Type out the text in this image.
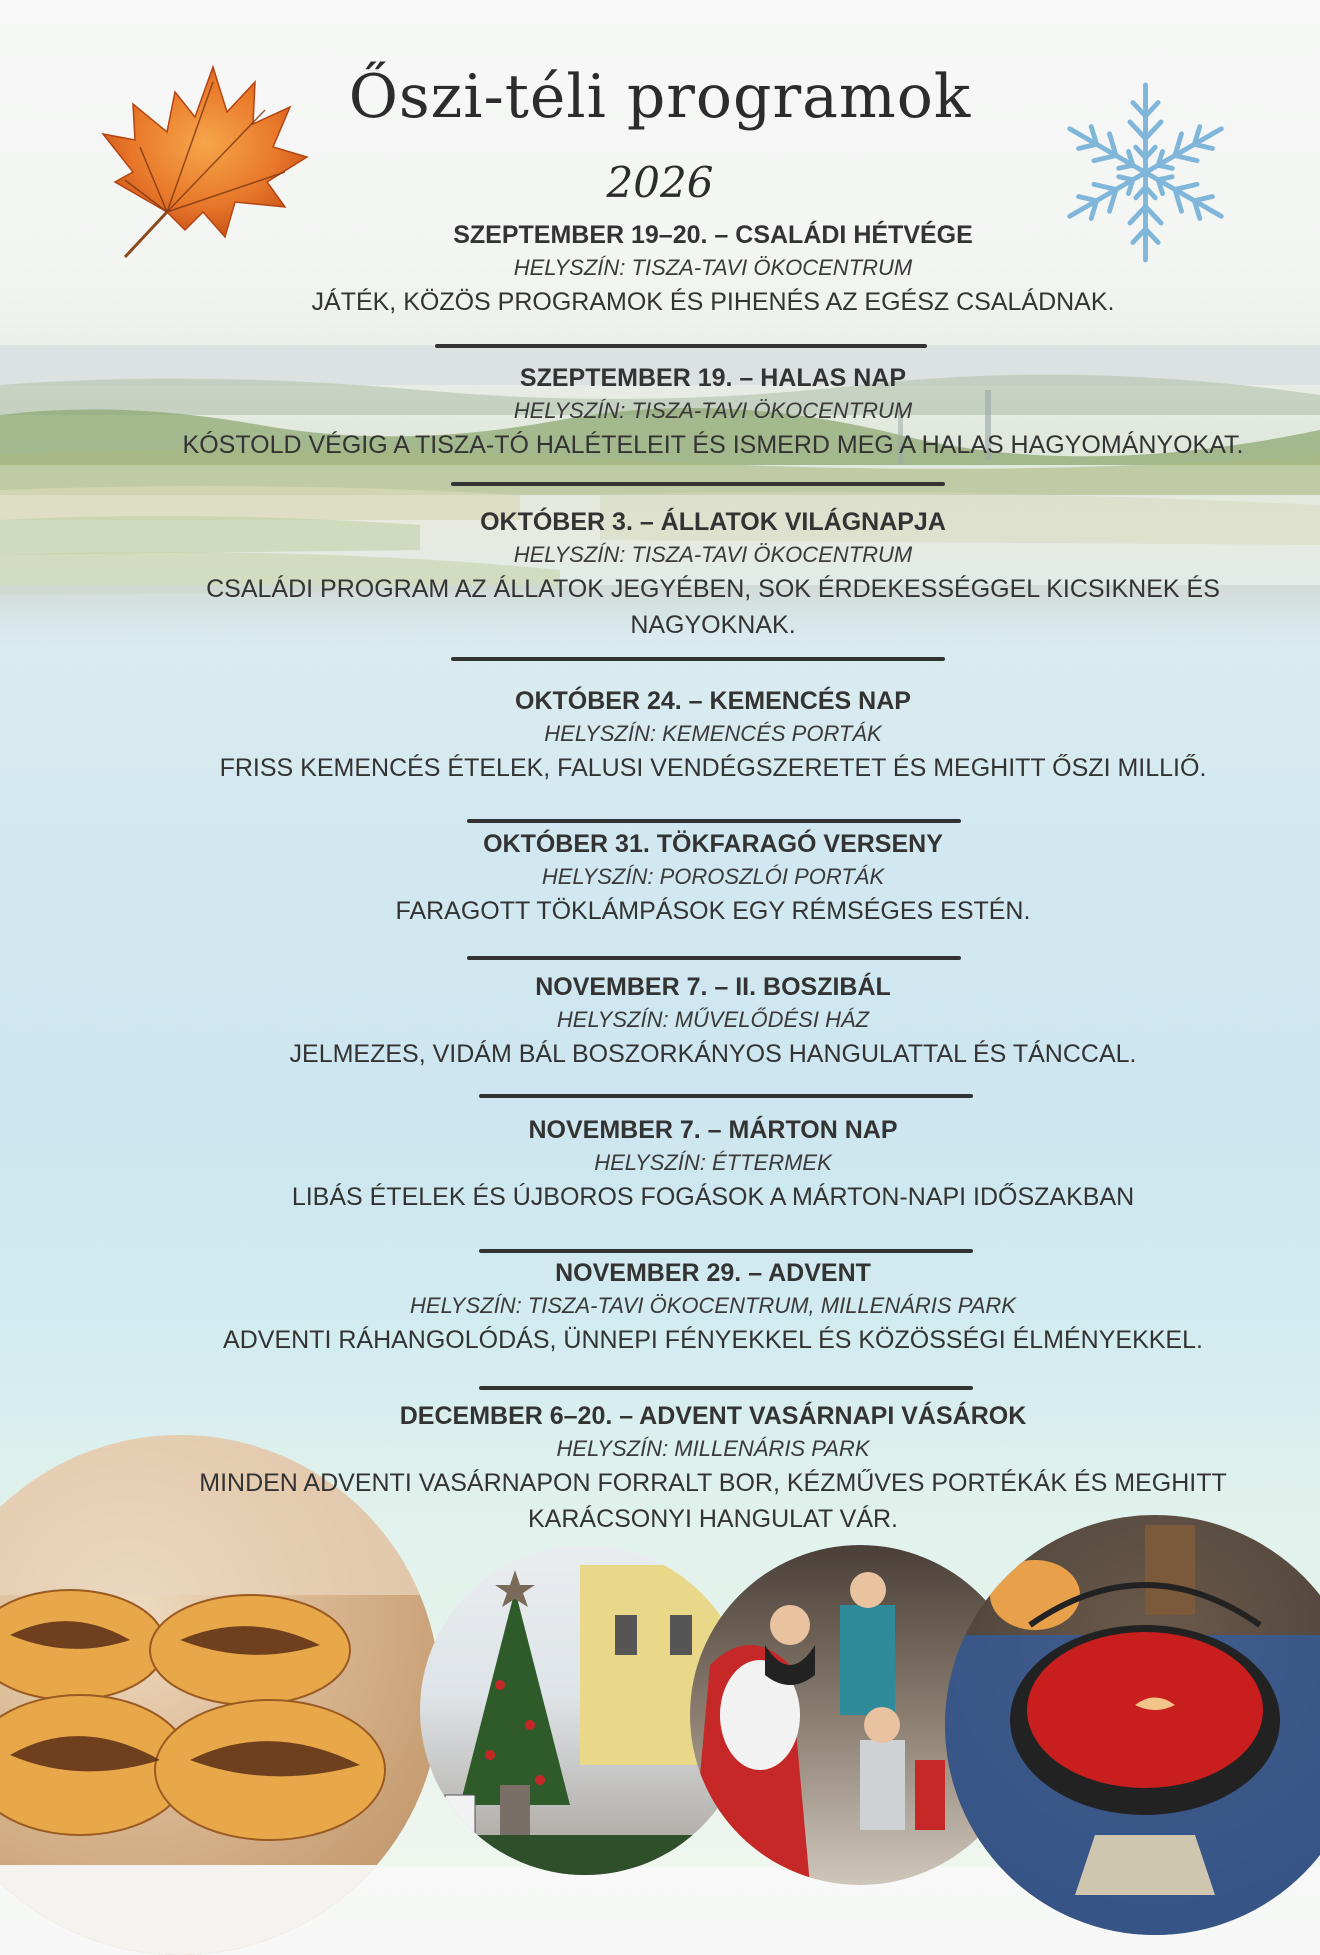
Őszi-téli programok
2026
SZEPTEMBER 19–20. – CSALÁDI HÉTVÉGE
HELYSZÍN: TISZA-TAVI ÖKOCENTRUM
JÁTÉK, KÖZÖS PROGRAMOK ÉS PIHENÉS AZ EGÉSZ CSALÁDNAK.
SZEPTEMBER 19. – HALAS NAP
HELYSZÍN: TISZA-TAVI ÖKOCENTRUM
KÓSTOLD VÉGIG A TISZA-TÓ HALÉTELEIT ÉS ISMERD MEG A HALAS HAGYOMÁNYOKAT.
OKTÓBER 3. – ÁLLATOK VILÁGNAPJA
HELYSZÍN: TISZA-TAVI ÖKOCENTRUM
CSALÁDI PROGRAM AZ ÁLLATOK JEGYÉBEN, SOK ÉRDEKESSÉGGEL KICSIKNEK ÉS NAGYOKNAK.
OKTÓBER 24. – KEMENCÉS NAP
HELYSZÍN: KEMENCÉS PORTÁK
FRISS KEMENCÉS ÉTELEK, FALUSI VENDÉGSZERETET ÉS MEGHITT ŐSZI MILLIŐ.
OKTÓBER 31. TÖKFARAGÓ VERSENY
HELYSZÍN: POROSZLÓI PORTÁK
FARAGOTT TÖKLÁMPÁSOK EGY RÉMSÉGES ESTÉN.
NOVEMBER 7. – II. BOSZIBÁL
HELYSZÍN: MŰVELŐDÉSI HÁZ
JELMEZES, VIDÁM BÁL BOSZORKÁNYOS HANGULATTAL ÉS TÁNCCAL.
NOVEMBER 7. – MÁRTON NAP
HELYSZÍN: ÉTTERMEK
LIBÁS ÉTELEK ÉS ÚJBOROS FOGÁSOK A MÁRTON-NAPI IDŐSZAKBAN
NOVEMBER 29. – ADVENT
HELYSZÍN: TISZA-TAVI ÖKOCENTRUM, MILLENÁRIS PARK
ADVENTI RÁHANGOLÓDÁS, ÜNNEPI FÉNYEKKEL ÉS KÖZÖSSÉGI ÉLMÉNYEKKEL.
DECEMBER 6–20. – ADVENT VASÁRNAPI VÁSÁROK
HELYSZÍN: MILLENÁRIS PARK
MINDEN ADVENTI VASÁRNAPON FORRALT BOR, KÉZMŰVES PORTÉKÁK ÉS MEGHITT KARÁCSONYI HANGULAT VÁR.
